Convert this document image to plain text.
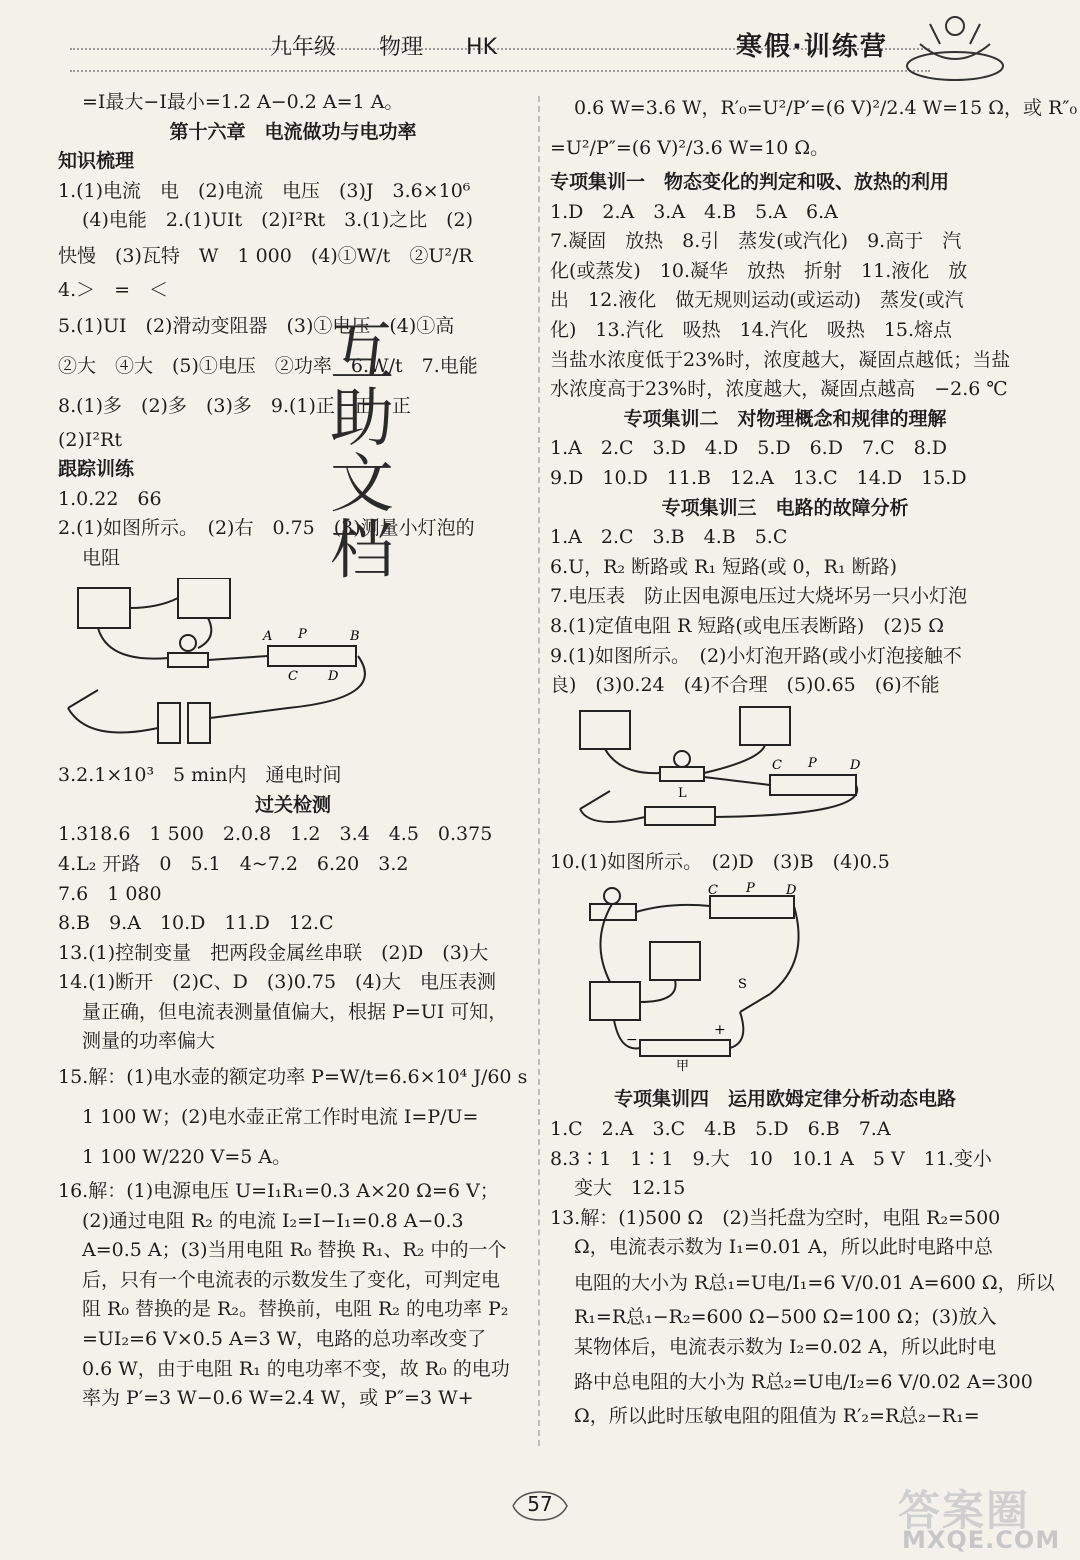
九年级 物理 HK	寒假·训练营
=I最大−I最小=1.2 A−0.2 A=1 A。
第十六章　电流做功与电功率
知识梳理
1.(1)电流　电　(2)电流　电压　(3)J　3.6×10⁶
(4)电能　2.(1)UIt　(2)I²Rt　3.(1)之比　(2)
快慢　(3)瓦特　W　1 000　(4)①W/t　②U²/R
4.＞　=　＜
5.(1)UI　(2)滑动变阻器　(3)①电压　(4)①高
②大　④大　(5)①电压　②功率　6.W/t　7.电能
8.(1)多　(2)多　(3)多　9.(1)正　正　正
(2)I²Rt
跟踪训练
1.0.22　66
2.(1)如图所示。　(2)右　0.75　(3)测量小灯泡的
电阻
P
A	B
C D
3.2.1×10³　5 min内　通电时间
过关检测
1.318.6　1 500　2.0.8　1.2　3.4　4.5　0.375
4.L₂ 开路　0　5.1　4~7.2　6.20　3.2
7.6　1 080
8.B　9.A　10.D　11.D　12.C
13.(1)控制变量　把两段金属丝串联　(2)D　(3)大
14.(1)断开　(2)C、D　(3)0.75　(4)大　电压表测
量正确，但电流表测量值偏大，根据 P=UI 可知，
测量的功率偏大
15.解：(1)电水壶的额定功率 P=W/t=6.6×10⁴ J/60 s
1 100 W；(2)电水壶正常工作时电流 I=P/U=
1 100 W/220 V=5 A。
16.解：(1)电源电压 U=I₁R₁=0.3 A×20 Ω=6 V；
(2)通过电阻 R₂ 的电流 I₂=I−I₁=0.8 A−0.3
A=0.5 A；(3)当用电阻 R₀ 替换 R₁、R₂ 中的一个
后，只有一个电流表的示数发生了变化，可判定电
阻 R₀ 替换的是 R₂。替换前，电阻 R₂ 的电功率 P₂
=UI₂=6 V×0.5 A=3 W，电路的总功率改变了
0.6 W，由于电阻 R₁ 的电功率不变，故 R₀ 的电功
率为 P′=3 W−0.6 W=2.4 W，或 P″=3 W+
互助文档
0.6 W=3.6 W，R′₀=U²/P′=(6 V)²/2.4 W=15 Ω，或 R″₀
=U²/P″=(6 V)²/3.6 W=10 Ω。
专项集训一　物态变化的判定和吸、放热的利用
1.D　2.A　3.A　4.B　5.A　6.A
7.凝固　放热　8.引　蒸发(或汽化)　9.高于　汽
化(或蒸发)　10.凝华　放热　折射　11.液化　放
出　12.液化　做无规则运动(或运动)　蒸发(或汽
化)　13.汽化　吸热　14.汽化　吸热　15.熔点
当盐水浓度低于23%时，浓度越大，凝固点越低；当盐
水浓度高于23%时，浓度越大，凝固点越高　−2.6 ℃
专项集训二　对物理概念和规律的理解
1.A　2.C　3.D　4.D　5.D　6.D　7.C　8.D
9.D　10.D　11.B　12.A　13.C　14.D　15.D
专项集训三　电路的故障分析
1.A　2.C　3.B　4.B　5.C
6.U，R₂ 断路或 R₁ 短路(或 0，R₁ 断路)
7.电压表　防止因电源电压过大烧坏另一只小灯泡
8.(1)定值电阻 R 短路(或电压表断路)　(2)5 Ω
9.(1)如图所示。　(2)小灯泡开路(或小灯泡接触不
良)　(3)0.24　(4)不合理　(5)0.65　(6)不能
P
C	D
L
10.(1)如图所示。　(2)D　(3)B　(4)0.5
P
C	D
S
−
+
甲
专项集训四　运用欧姆定律分析动态电路
1.C　2.A　3.C　4.B　5.D　6.B　7.A
8.3∶1　1∶1　9.大　10　10.1 A　5 V　11.变小
变大　12.15
13.解：(1)500 Ω　(2)当托盘为空时，电阻 R₂=500
Ω，电流表示数为 I₁=0.01 A，所以此时电路中总
电阻的大小为 R总₁=U电/I₁=6 V/0.01 A=600 Ω，所以
R₁=R总₁−R₂=600 Ω−500 Ω=100 Ω；(3)放入
某物体后，电流表示数为 I₂=0.02 A，所以此时电
路中总电阻的大小为 R总₂=U电/I₂=6 V/0.02 A=300
Ω，所以此时压敏电阻的阻值为 R′₂=R总₂−R₁=
57	答案圈
MXQE.COM
